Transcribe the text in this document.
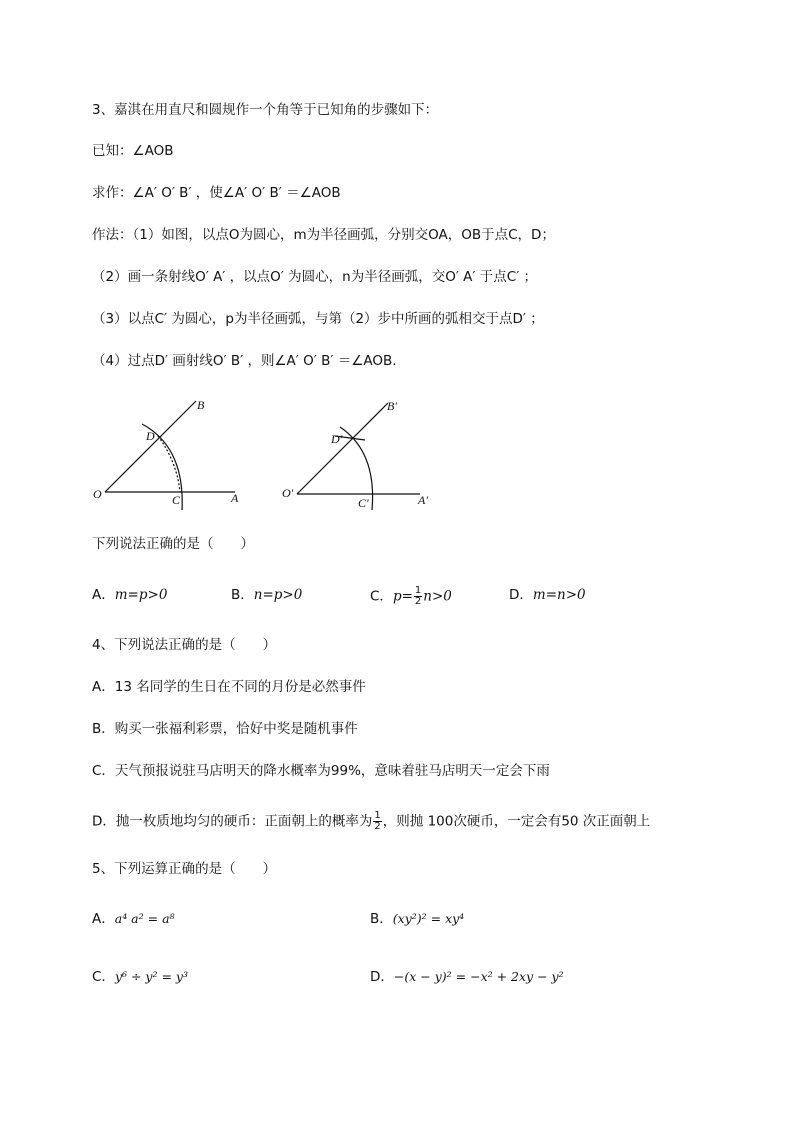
3、嘉淇在用直尺和圆规作一个角等于已知角的步骤如下：
已知：∠AOB
求作：∠A′ O′ B′ ，使∠A′ O′ B′ ＝∠AOB
作法：（1）如图，以点O为圆心，m为半径画弧，分别交OA，OB于点C，D；
（2）画一条射线O′ A′ ，以点O′ 为圆心，n为半径画弧，交O′ A′ 于点C′ ；
（3）以点C′ 为圆心，p为半径画弧，与第（2）步中所画的弧相交于点D′ ；
（4）过点D′ 画射线O′ B′ ，则∠A′ O′ B′ ＝∠AOB.
O	A
B
C
D
O′	A′
B′
C′
D′
下列说法正确的是（　　）
A．m=p>0	B．n=p>0	C．$p= \frac{1}{2} n>0$	D．m=n>0
4、下列说法正确的是（　　）
A．13 名同学的生日在不同的月份是必然事件
B．购买一张福利彩票，恰好中奖是随机事件
C．天气预报说驻马店明天的降水概率为99%，意味着驻马店明天一定会下雨
D．抛一枚质地均匀的硬币：正面朝上的概率为 $\frac{1}{2}$ ，则抛 100次硬币，一定会有50 次正面朝上
5、下列运算正确的是（　　）
A．a⁴ a² = a⁸	B．(xy²)² = xy⁴
C．y⁶ ÷ y² = y³	D．−(x − y)² = −x² + 2xy − y²
